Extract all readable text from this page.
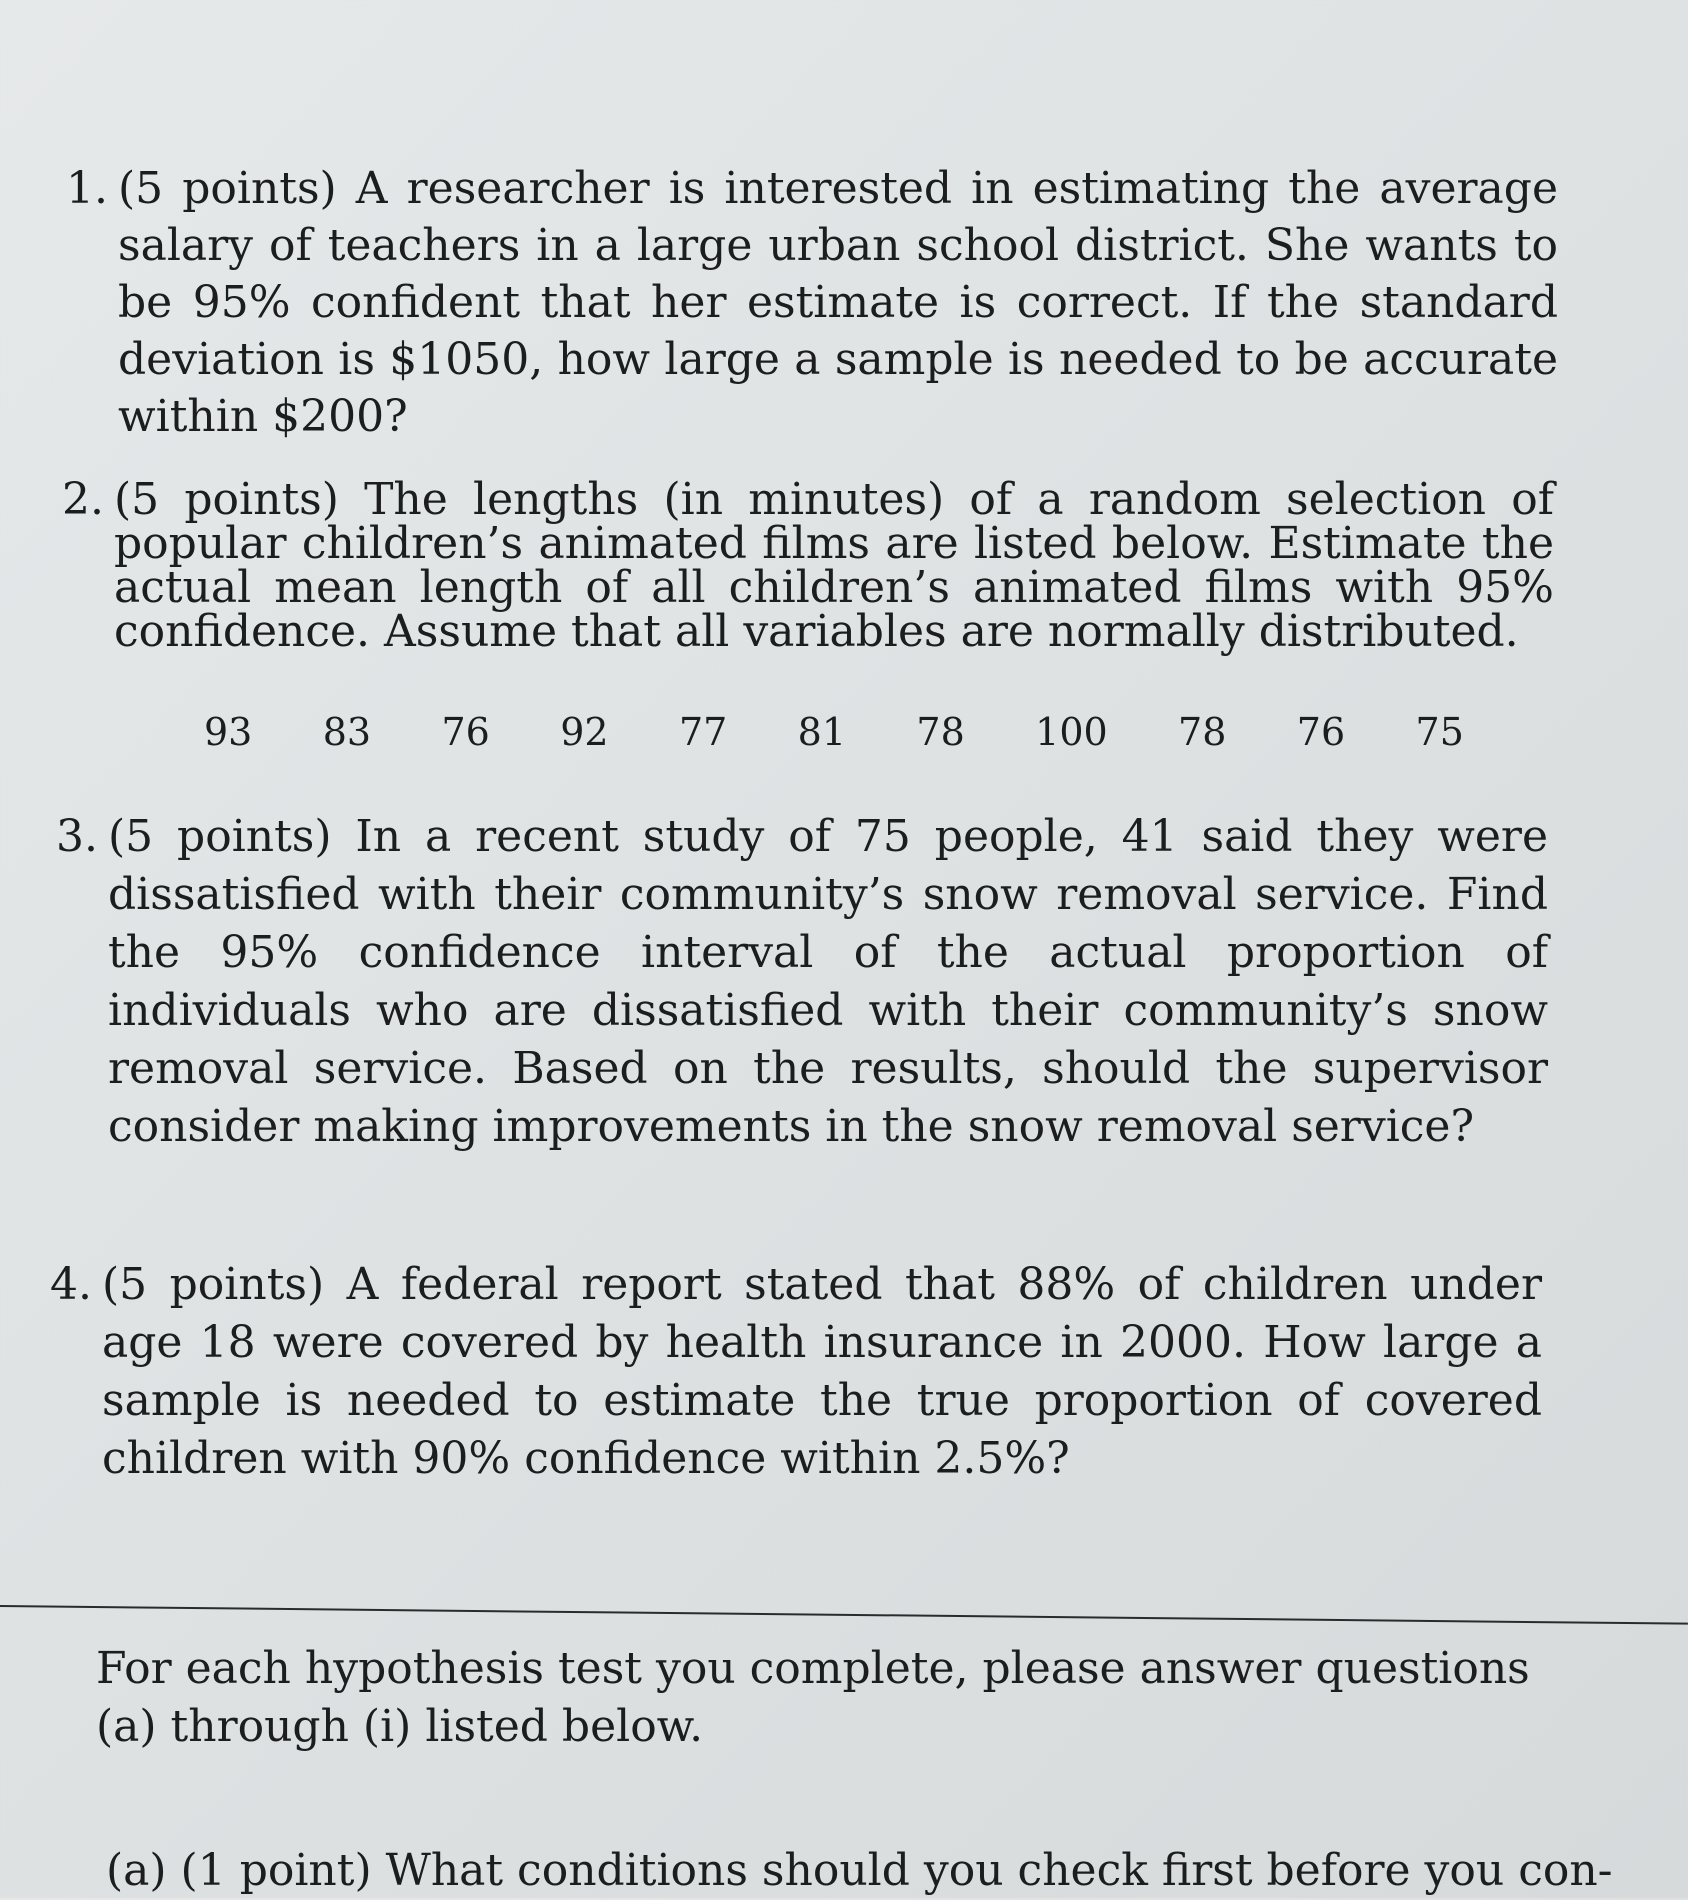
1. (5 points) A researcher is interested in estimating the average salary of teachers in a large urban school district. She wants to be 95% confident that her estimate is correct. If the standard deviation is $1050, how large a sample is needed to be accurate within $200?

2. (5 points) The lengths (in minutes) of a random selection of popular children’s animated films are listed below. Estimate the actual mean length of all children’s animated films with 95% confidence. Assume that all variables are normally distributed.

93 83 76 92 77 81 78 100 78 76 75
3. (5 points) In a recent study of 75 people, 41 said they were dissatisfied with their community’s snow removal service. Find the 95% confidence interval of the actual proportion of individuals who are dissatisfied with their community’s snow removal service. Based on the results, should the supervisor consider making improvements in the snow removal service?

4. (5 points) A federal report stated that 88% of children under age 18 were covered by health insurance in 2000. How large a sample is needed to estimate the true proportion of covered children with 90% confidence within 2.5%?

For each hypothesis test you complete, please answer questions (a) through (i) listed below.

(a) (1 point) What conditions should you check first before you con-
